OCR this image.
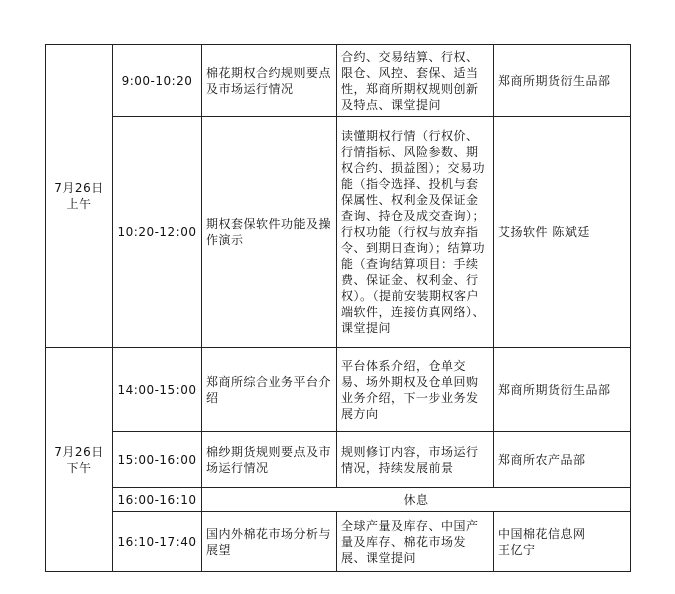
7月26日
上午	9:00-10:20	棉花期权合约规则要点及市场运行情况	合约、交易结算、行权、限仓、风控、套保、适当性，郑商所期权规则创新及特点、课堂提问	郑商所期货衍生品部
	10:20-12:00	期权套保软件功能及操作演示	读懂期权行情（行权价、行情指标、风险参数、期权合约、损益图）；交易功能（指令选择、投机与套保属性、权利金及保证金查询、持仓及成交查询）；行权功能（行权与放弃指令、到期日查询）；结算功能（查询结算项目：手续费、保证金、权利金、行权）。（提前安装期权客户端软件，连接仿真网络）、课堂提问	艾扬软件 陈斌廷
7月26日
下午	14:00-15:00	郑商所综合业务平台介绍	平台体系介绍，仓单交易、场外期权及仓单回购业务介绍，下一步业务发展方向	郑商所期货衍生品部
	15:00-16:00	棉纱期货规则要点及市场运行情况	规则修订内容，市场运行情况，持续发展前景	郑商所农产品部
	16:00-16:10	休息		
	16:10-17:40	国内外棉花市场分析与展望	全球产量及库存、中国产量及库存、棉花市场发展、课堂提问	中国棉花信息网
王亿宁
